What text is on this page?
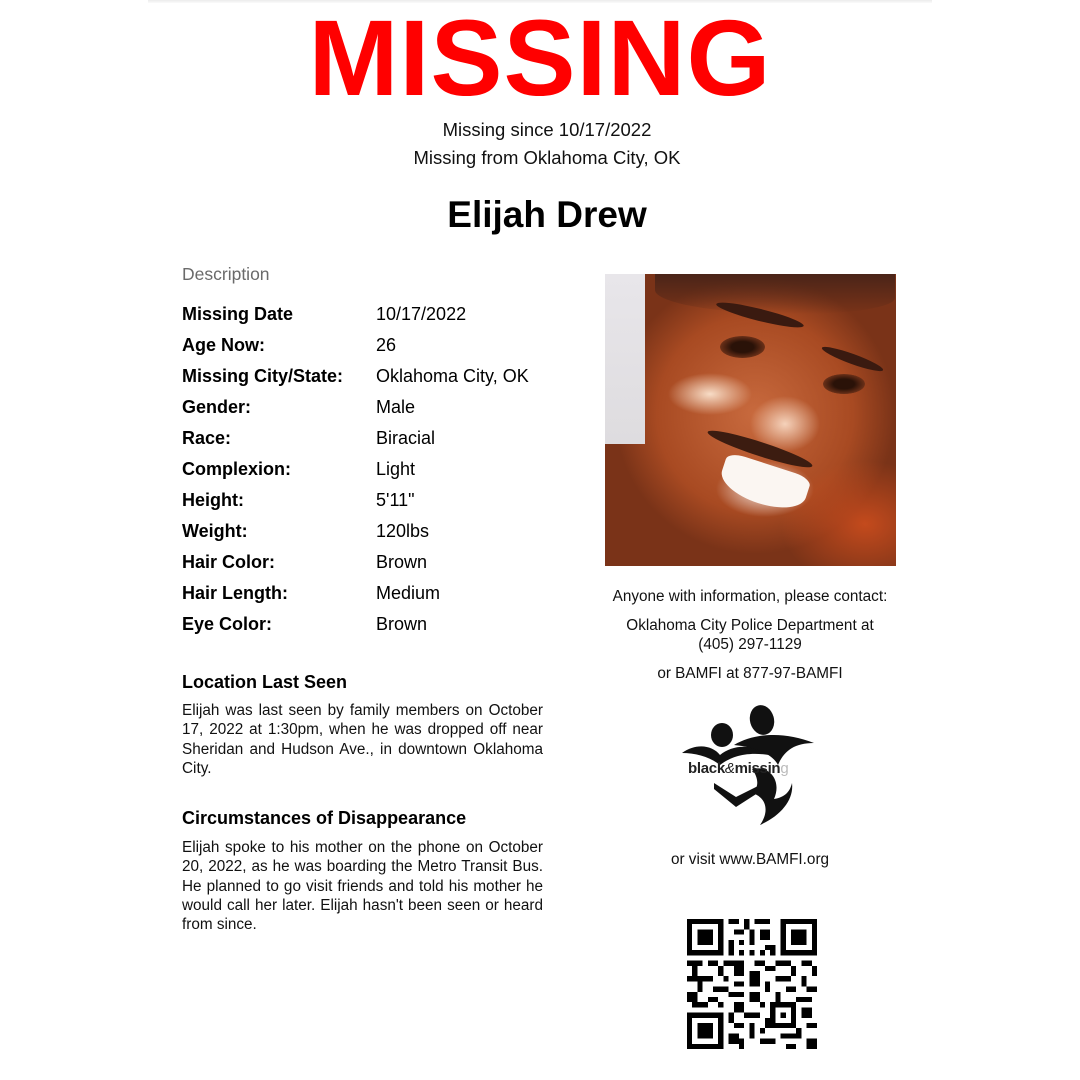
MISSING
Missing since 10/17/2022
Missing from Oklahoma City, OK
Elijah Drew
Description
Missing Date	10/17/2022
Age Now:	26
Missing City/State:	Oklahoma City, OK
Gender:	Male
Race:	Biracial
Complexion:	Light
Height:	5'11"
Weight:	120lbs
Hair Color:	Brown
Hair Length:	Medium
Eye Color:	Brown
Location Last Seen
Elijah was last seen by family members on October 17, 2022 at 1:30pm, when he was dropped off near Sheridan and Hudson Ave., in downtown Oklahoma City.
Circumstances of Disappearance
Elijah spoke to his mother on the phone on October 20, 2022, as he was boarding the Metro Transit Bus. He planned to go visit friends and told his mother he would call her later. Elijah hasn't been seen or heard from since.
Anyone with information, please contact:
Oklahoma City Police Department at
(405) 297-1129
or BAMFI at 877-97-BAMFI
black&missing
or visit www.BAMFI.org
